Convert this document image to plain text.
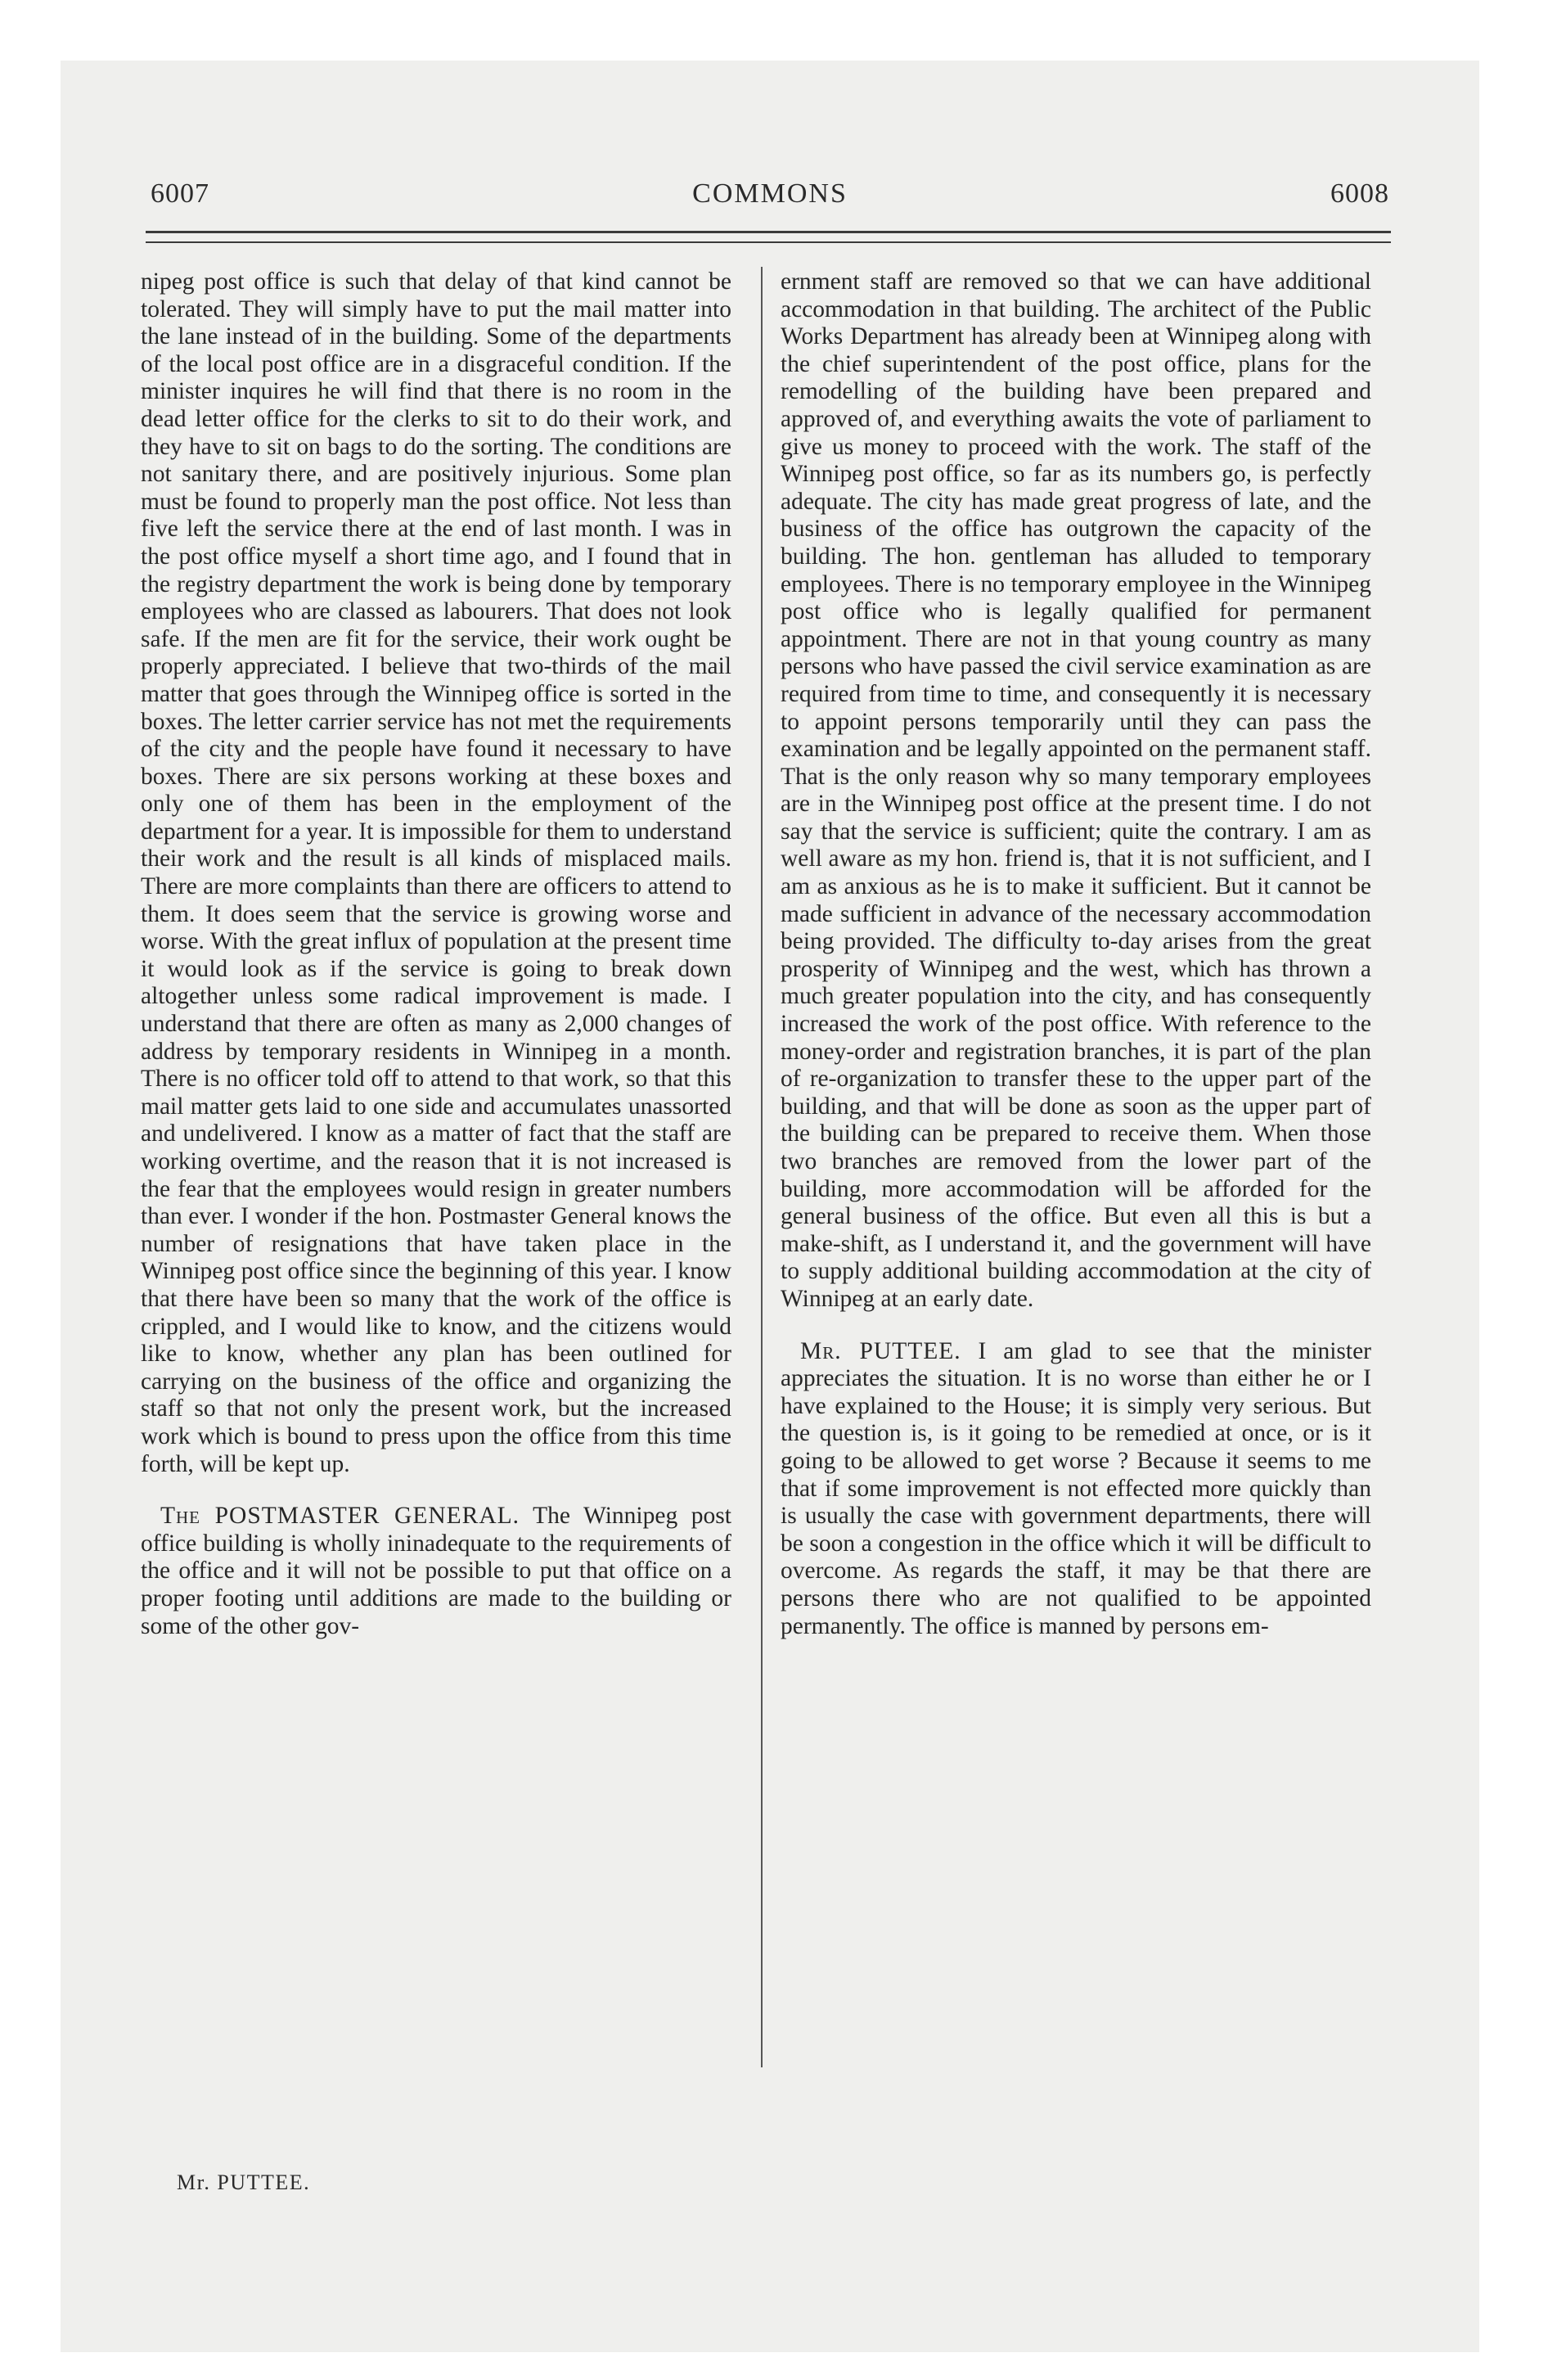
6007	COMMONS	6008

nipeg post office is such that delay of that kind cannot be tolerated. They will simply have to put the mail matter into the lane instead of in the building. Some of the departments of the local post office are in a disgraceful condition. If the minister inquires he will find that there is no room in the dead letter office for the clerks to sit to do their work, and they have to sit on bags to do the sorting. The conditions are not sanitary there, and are positively injurious. Some plan must be found to properly man the post office. Not less than five left the service there at the end of last month. I was in the post office myself a short time ago, and I found that in the registry department the work is being done by temporary employees who are classed as labourers. That does not look safe. If the men are fit for the service, their work ought be properly appreciated. I believe that two-thirds of the mail matter that goes through the Winnipeg office is sorted in the boxes. The letter carrier service has not met the requirements of the city and the people have found it necessary to have boxes. There are six persons working at these boxes and only one of them has been in the employment of the department for a year. It is impossible for them to understand their work and the result is all kinds of misplaced mails. There are more complaints than there are officers to attend to them. It does seem that the service is growing worse and worse. With the great influx of population at the present time it would look as if the service is going to break down altogether unless some radical improvement is made. I understand that there are often as many as 2,000 changes of address by temporary residents in Winnipeg in a month. There is no officer told off to attend to that work, so that this mail matter gets laid to one side and accumulates unassorted and undelivered. I know as a matter of fact that the staff are working overtime, and the reason that it is not increased is the fear that the employees would resign in greater numbers than ever. I wonder if the hon. Postmaster General knows the number of resignations that have taken place in the Winnipeg post office since the beginning of this year. I know that there have been so many that the work of the office is crippled, and I would like to know, and the citizens would like to know, whether any plan has been outlined for carrying on the business of the office and organizing the staff so that not only the present work, but the increased work which is bound to press upon the office from this time forth, will be kept up.

The POSTMASTER GENERAL. The Winnipeg post office building is wholly ininadequate to the requirements of the office and it will not be possible to put that office on a proper footing until additions are made to the building or some of the other gov-

ernment staff are removed so that we can have additional accommodation in that building. The architect of the Public Works Department has already been at Winnipeg along with the chief superintendent of the post office, plans for the remodelling of the building have been prepared and approved of, and everything awaits the vote of parliament to give us money to proceed with the work. The staff of the Winnipeg post office, so far as its numbers go, is perfectly adequate. The city has made great progress of late, and the business of the office has outgrown the capacity of the building. The hon. gentleman has alluded to temporary employees. There is no temporary employee in the Winnipeg post office who is legally qualified for permanent appointment. There are not in that young country as many persons who have passed the civil service examination as are required from time to time, and consequently it is necessary to appoint persons temporarily until they can pass the examination and be legally appointed on the permanent staff. That is the only reason why so many temporary employees are in the Winnipeg post office at the present time. I do not say that the service is sufficient; quite the contrary. I am as well aware as my hon. friend is, that it is not sufficient, and I am as anxious as he is to make it sufficient. But it cannot be made sufficient in advance of the necessary accommodation being provided. The difficulty to-day arises from the great prosperity of Winnipeg and the west, which has thrown a much greater population into the city, and has consequently increased the work of the post office. With reference to the money-order and registration branches, it is part of the plan of re-organization to transfer these to the upper part of the building, and that will be done as soon as the upper part of the building can be prepared to receive them. When those two branches are removed from the lower part of the building, more accommodation will be afforded for the general business of the office. But even all this is but a make-shift, as I understand it, and the government will have to supply additional building accommodation at the city of Winnipeg at an early date.

Mr. PUTTEE. I am glad to see that the minister appreciates the situation. It is no worse than either he or I have explained to the House; it is simply very serious. But the question is, is it going to be remedied at once, or is it going to be allowed to get worse ? Because it seems to me that if some improvement is not effected more quickly than is usually the case with government departments, there will be soon a congestion in the office which it will be difficult to overcome. As regards the staff, it may be that there are persons there who are not qualified to be appointed permanently. The office is manned by persons em-

Mr. PUTTEE.
